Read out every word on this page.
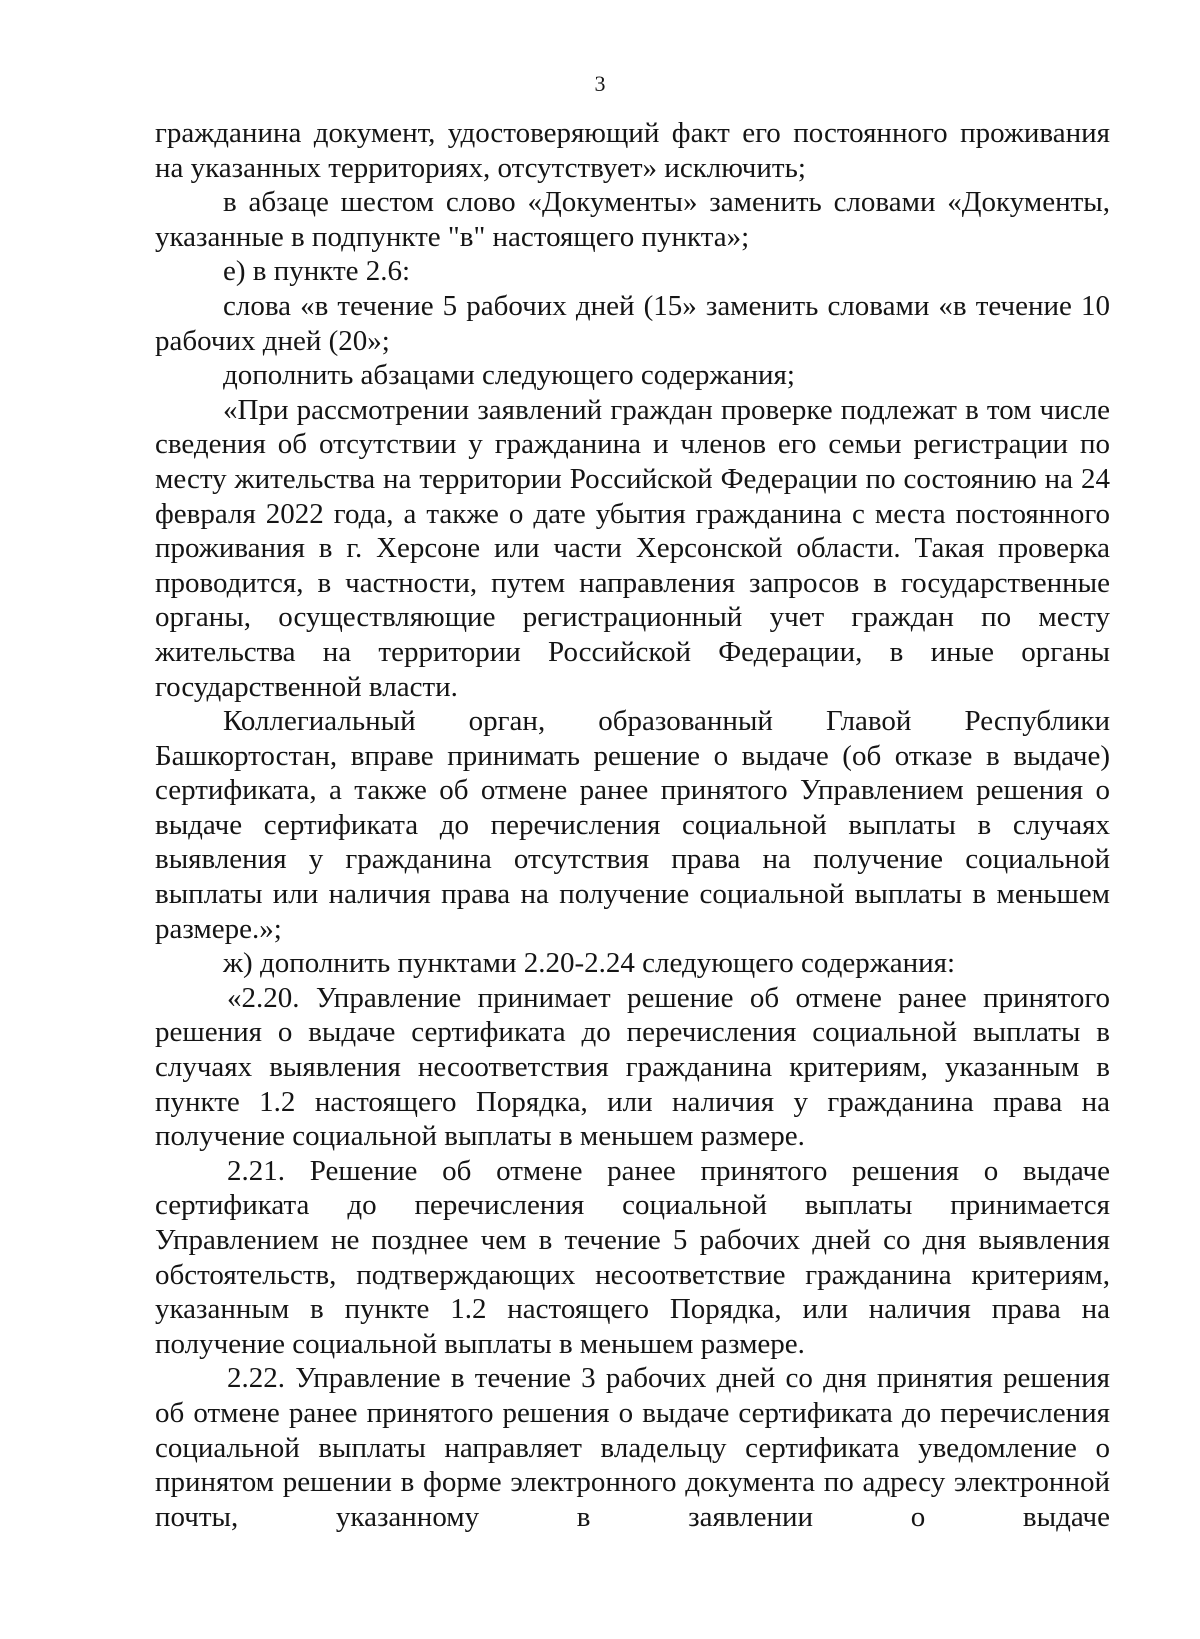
3

гражданина документ, удостоверяющий факт его постоянного проживания на указанных территориях, отсутствует» исключить;

в абзаце шестом слово «Документы» заменить словами «Документы, указанные в подпункте "в" настоящего пункта»;

е) в пункте 2.6:

слова «в течение 5 рабочих дней (15» заменить словами «в течение 10 рабочих дней (20»;

дополнить абзацами следующего содержания;

«При рассмотрении заявлений граждан проверке подлежат в том числе сведения об отсутствии у гражданина и членов его семьи регистрации по месту жительства на территории Российской Федерации по состоянию на 24 февраля 2022 года, а также о дате убытия гражданина с места постоянного проживания в г. Херсоне или части Херсонской области. Такая проверка проводится, в частности, путем направления запросов в государственные органы, осуществляющие регистрационный учет граждан по месту жительства на территории Российской Федерации, в иные органы государственной власти.

Коллегиальный орган, образованный Главой Республики Башкортостан, вправе принимать решение о выдаче (об отказе в выдаче) сертификата, а также об отмене ранее принятого Управлением решения о выдаче сертификата до перечисления социальной выплаты в случаях выявления у гражданина отсутствия права на получение социальной выплаты или наличия права на получение социальной выплаты в меньшем размере.»;

ж) дополнить пунктами 2.20-2.24 следующего содержания:

«2.20. Управление принимает решение об отмене ранее принятого решения о выдаче сертификата до перечисления социальной выплаты в случаях выявления несоответствия гражданина критериям, указанным в пункте 1.2 настоящего Порядка, или наличия у гражданина права на получение социальной выплаты в меньшем размере.

2.21. Решение об отмене ранее принятого решения о выдаче сертификата до перечисления социальной выплаты принимается Управлением не позднее чем в течение 5 рабочих дней со дня выявления обстоятельств, подтверждающих несоответствие гражданина критериям, указанным в пункте 1.2 настоящего Порядка, или наличия права на получение социальной выплаты в меньшем размере.

2.22. Управление в течение 3 рабочих дней со дня принятия решения об отмене ранее принятого решения о выдаче сертификата до перечисления социальной выплаты направляет владельцу сертификата уведомление о принятом решении в форме электронного документа по адресу электронной почты, указанному в заявлении о выдаче
